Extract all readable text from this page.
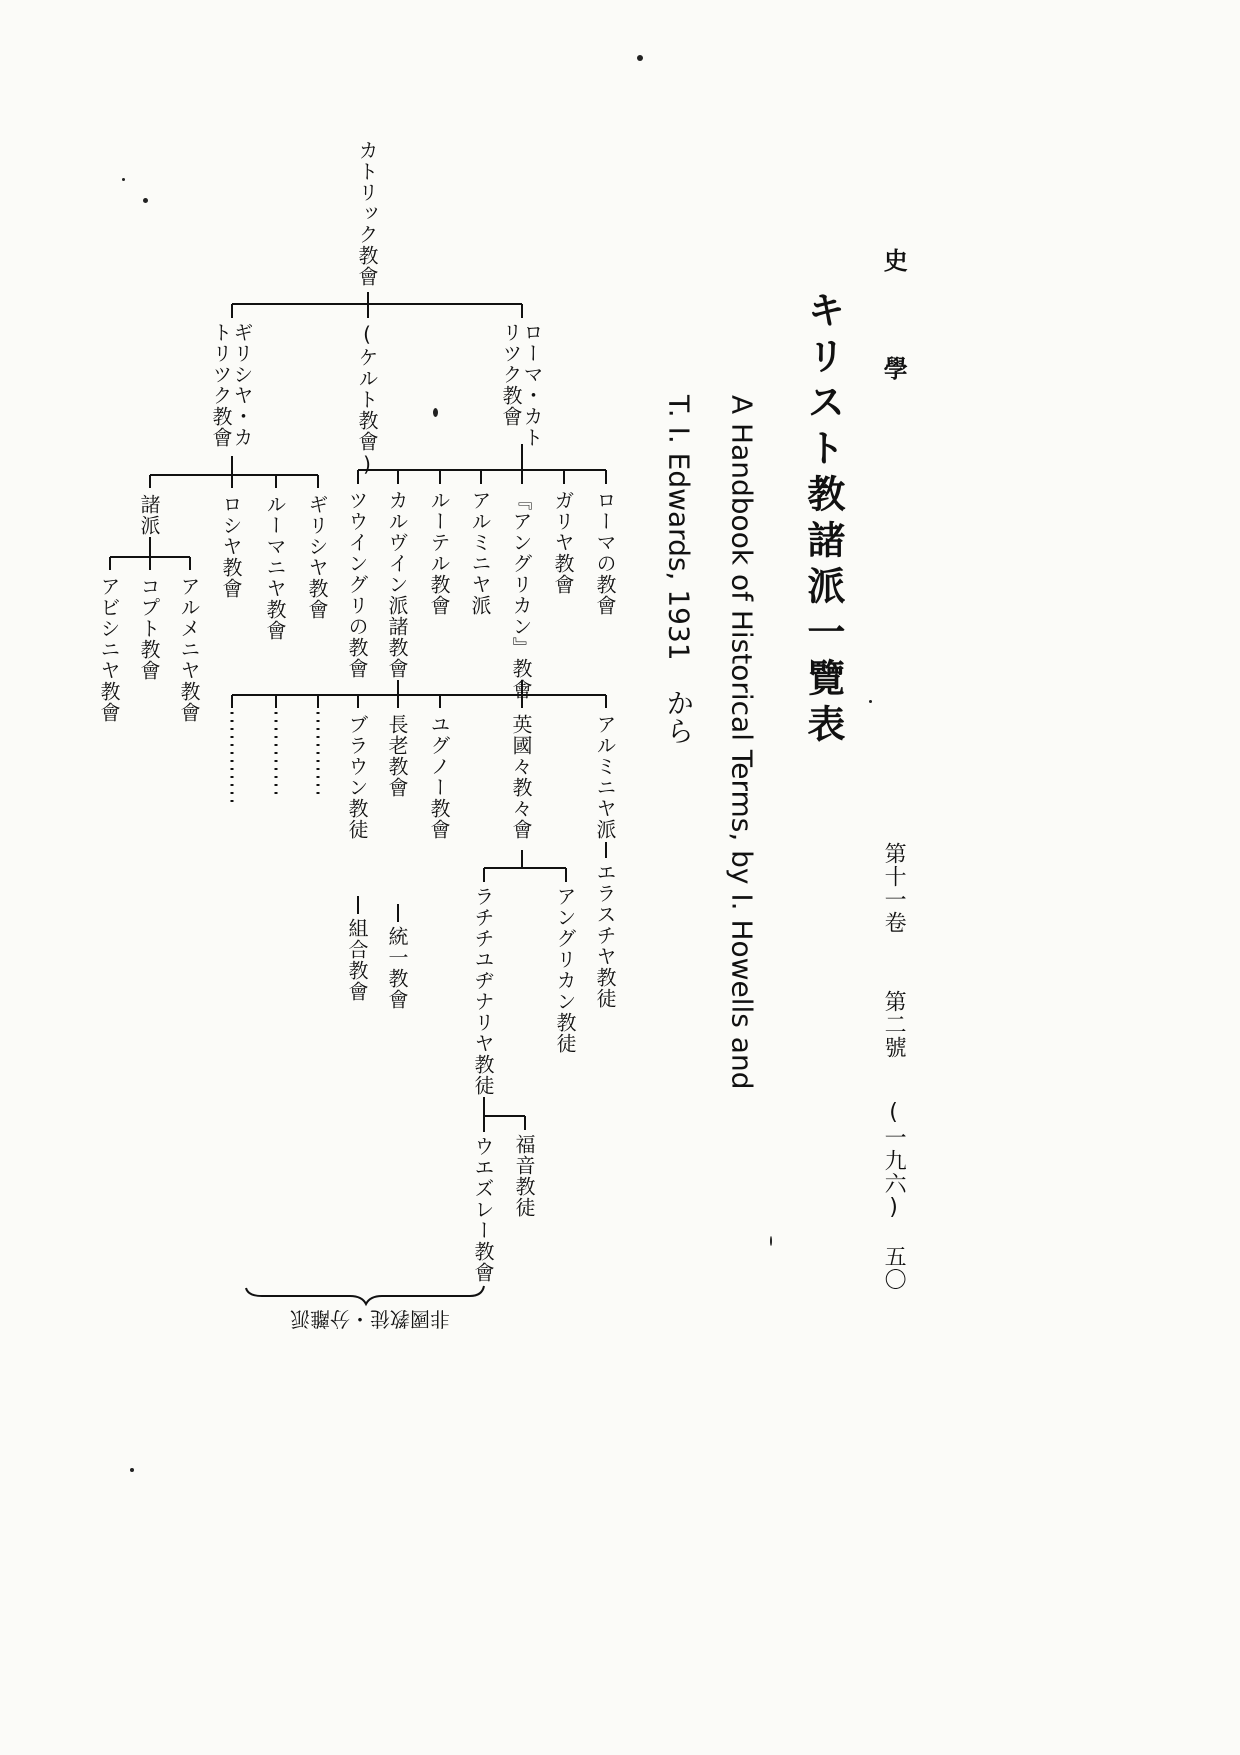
史　學
第十一卷
第二號
(一九六)
五〇
キリスト教諸派一覽表
A Handbook of Historical Terms, by I. Howells and
T. I. Edwards, 1931　から
カトリック教會
ギリシヤ・カ
トリツク教會	(ケルト教會)	ローマ・カト
リツク教會
ローマの教會
ガリヤ教會
『アングリカン』教會
アルミニヤ派
ルーテル教會
カルヴイン派諸教會
ツウイングリの教會
ギリシヤ教會
ルーマニヤ教會
ロシヤ教會
諸派
アルメニヤ教會
コプト教會
アビシニヤ教會
アルミニヤ派
英國々教々會
ユグノー教會
長老教會
統一教會
ブラウン教徒
組合教會	エラスチヤ教徒
アングリカン教徒
ラチチユヂナリヤ教徒
福音教徒
ウエズレー教會
非國教徒・分離派
